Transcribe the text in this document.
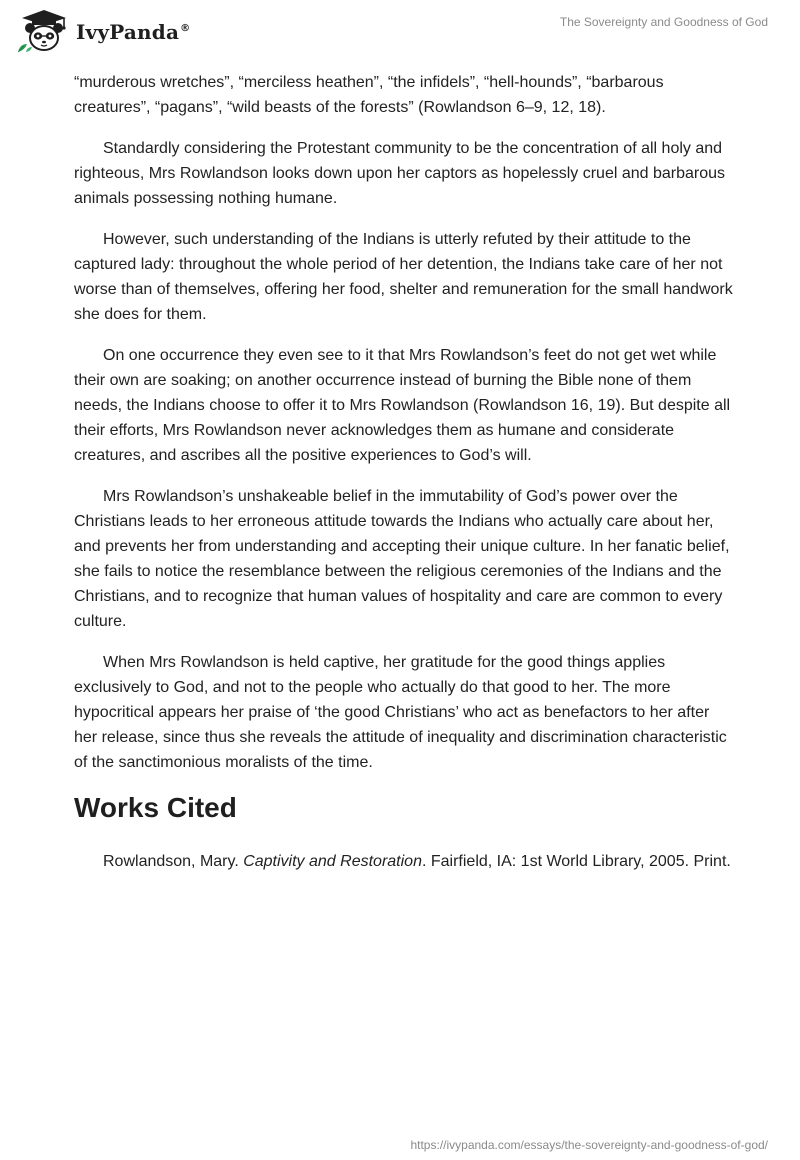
IvyPanda®	The Sovereignty and Goodness of God

“murderous wretches”, “merciless heathen”, “the infidels”, “hell-hounds”, “barbarous creatures”, “pagans”, “wild beasts of the forests” (Rowlandson 6–9, 12, 18).

Standardly considering the Protestant community to be the concentration of all holy and righteous, Mrs Rowlandson looks down upon her captors as hopelessly cruel and barbarous animals possessing nothing humane.

However, such understanding of the Indians is utterly refuted by their attitude to the captured lady: throughout the whole period of her detention, the Indians take care of her not worse than of themselves, offering her food, shelter and remuneration for the small handwork she does for them.

On one occurrence they even see to it that Mrs Rowlandson’s feet do not get wet while their own are soaking; on another occurrence instead of burning the Bible none of them needs, the Indians choose to offer it to Mrs Rowlandson (Rowlandson 16, 19). But despite all their efforts, Mrs Rowlandson never acknowledges them as humane and considerate creatures, and ascribes all the positive experiences to God’s will.

Mrs Rowlandson’s unshakeable belief in the immutability of God’s power over the Christians leads to her erroneous attitude towards the Indians who actually care about her, and prevents her from understanding and accepting their unique culture. In her fanatic belief, she fails to notice the resemblance between the religious ceremonies of the Indians and the Christians, and to recognize that human values of hospitality and care are common to every culture.

When Mrs Rowlandson is held captive, her gratitude for the good things applies exclusively to God, and not to the people who actually do that good to her. The more hypocritical appears her praise of ‘the good Christians’ who act as benefactors to her after her release, since thus she reveals the attitude of inequality and discrimination characteristic of the sanctimonious moralists of the time.

Works Cited

Rowlandson, Mary. Captivity and Restoration. Fairfield, IA: 1st World Library, 2005. Print.

https://ivypanda.com/essays/the-sovereignty-and-goodness-of-god/
